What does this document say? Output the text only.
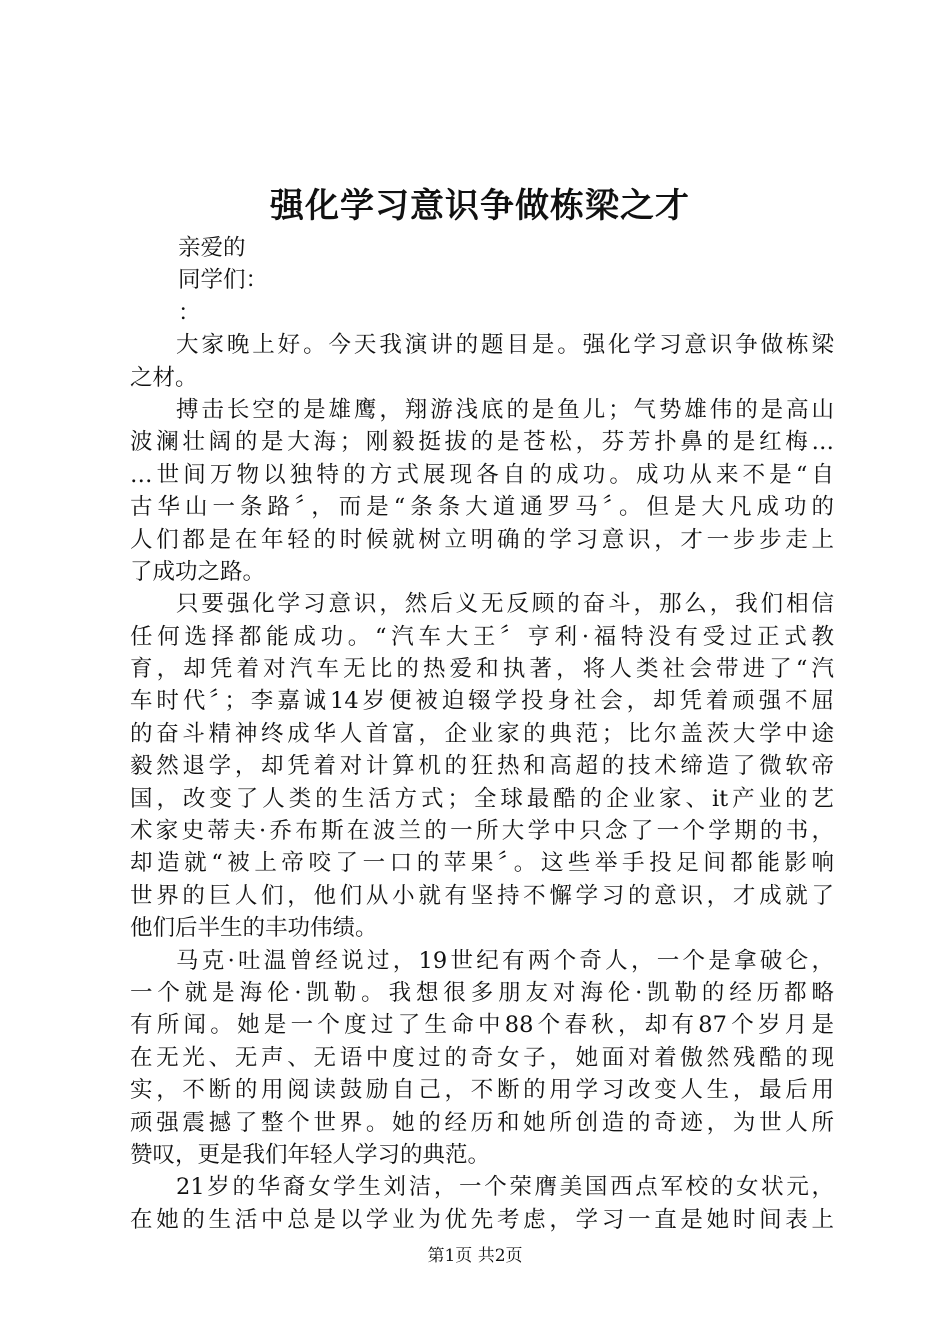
强化学习意识争做栋梁之才
亲爱的
同学们：
：
大家晚上好。今天我演讲的题目是。强化学习意识争做栋梁
之材。
搏击长空的是雄鹰，翔游浅底的是鱼儿；气势雄伟的是高山
波澜壮阔的是大海；刚毅挺拔的是苍松，芬芳扑鼻的是红梅…
…世间万物以独特的方式展现各自的成功。成功从来不是“自
古华山一条路〞，而是“条条大道通罗马〞。但是大凡成功的
人们都是在年轻的时候就树立明确的学习意识，才一步步走上
了成功之路。
只要强化学习意识，然后义无反顾的奋斗，那么，我们相信
任何选择都能成功。“汽车大王〞亨利·福特没有受过正式教
育，却凭着对汽车无比的热爱和执著，将人类社会带进了“汽
车时代〞；李嘉诚14岁便被迫辍学投身社会，却凭着顽强不屈
的奋斗精神终成华人首富，企业家的典范；比尔盖茨大学中途
毅然退学，却凭着对计算机的狂热和高超的技术缔造了微软帝
国，改变了人类的生活方式；全球最酷的企业家、it产业的艺
术家史蒂夫·乔布斯在波兰的一所大学中只念了一个学期的书，
却造就“被上帝咬了一口的苹果〞。这些举手投足间都能影响
世界的巨人们，他们从小就有坚持不懈学习的意识，才成就了
他们后半生的丰功伟绩。
马克·吐温曾经说过，19世纪有两个奇人，一个是拿破仑，
一个就是海伦·凯勒。我想很多朋友对海伦·凯勒的经历都略
有所闻。她是一个度过了生命中88个春秋，却有87个岁月是
在无光、无声、无语中度过的奇女子，她面对着傲然残酷的现
实，不断的用阅读鼓励自己，不断的用学习改变人生，最后用
顽强震撼了整个世界。她的经历和她所创造的奇迹，为世人所
赞叹，更是我们年轻人学习的典范。
21岁的华裔女学生刘洁，一个荣膺美国西点军校的女状元，
在她的生活中总是以学业为优先考虑，学习一直是她时间表上
第1页 共2页
